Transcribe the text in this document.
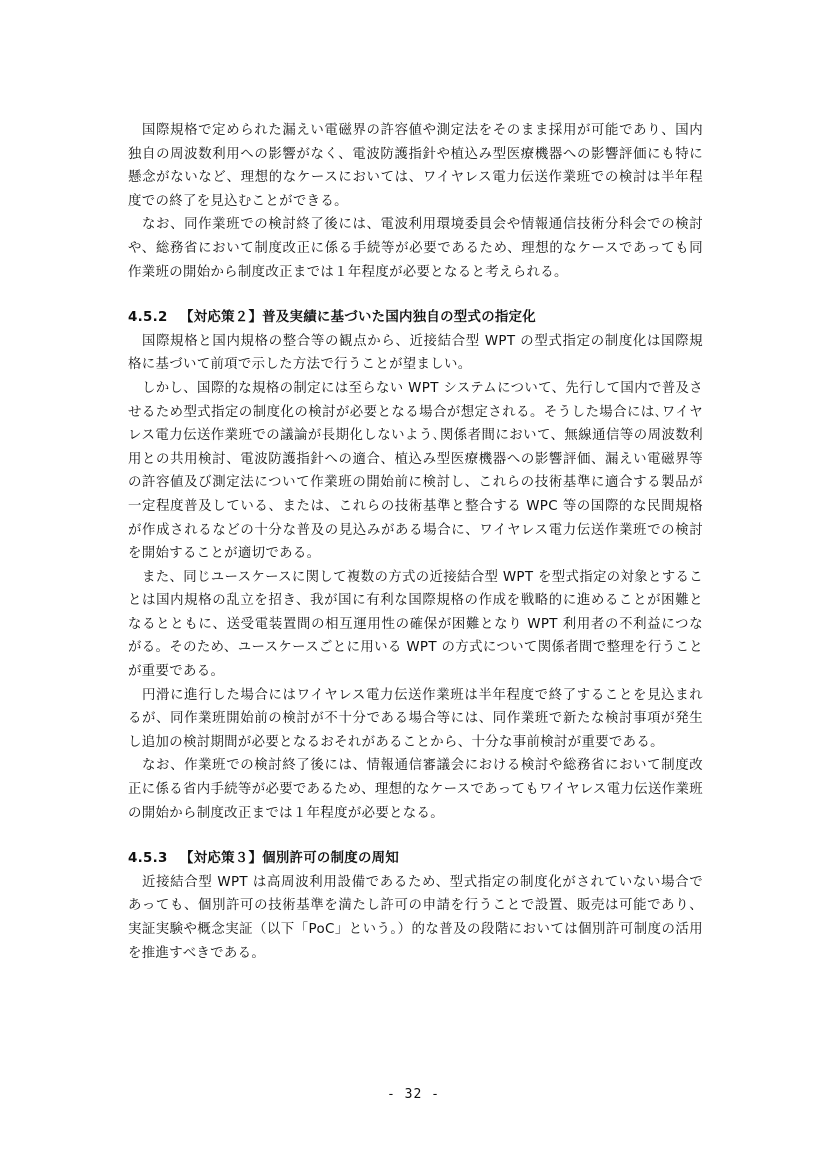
国際規格で定められた漏えい電磁界の許容値や測定法をそのまま採用が可能であり、国内独自の周波数利用への影響がなく、電波防護指針や植込み型医療機器への影響評価にも特に懸念がないなど、理想的なケースにおいては、ワイヤレス電力伝送作業班での検討は半年程度での終了を見込むことができる。

なお、同作業班での検討終了後には、電波利用環境委員会や情報通信技術分科会での検討や、総務省において制度改正に係る手続等が必要であるため、理想的なケースであっても同作業班の開始から制度改正までは１年程度が必要となると考えられる。

4.5.2 【対応策２】普及実績に基づいた国内独自の型式の指定化

国際規格と国内規格の整合等の観点から、近接結合型 WPT の型式指定の制度化は国際規格に基づいて前項で示した方法で行うことが望ましい。

しかし、国際的な規格の制定には至らない WPT システムについて、先行して国内で普及させるため型式指定の制度化の検討が必要となる場合が想定される。そうした場合には､ワイヤレス電力伝送作業班での議論が長期化しないよう､関係者間において、無線通信等の周波数利用との共用検討、電波防護指針への適合、植込み型医療機器への影響評価、漏えい電磁界等の許容値及び測定法について作業班の開始前に検討し、これらの技術基準に適合する製品が一定程度普及している、または、これらの技術基準と整合する WPC 等の国際的な民間規格が作成されるなどの十分な普及の見込みがある場合に、ワイヤレス電力伝送作業班での検討を開始することが適切である。

また、同じユースケースに関して複数の方式の近接結合型 WPT を型式指定の対象とすることは国内規格の乱立を招き、我が国に有利な国際規格の作成を戦略的に進めることが困難となるとともに、送受電装置間の相互運用性の確保が困難となり WPT 利用者の不利益につながる。そのため、ユースケースごとに用いる WPT の方式について関係者間で整理を行うことが重要である。

円滑に進行した場合にはワイヤレス電力伝送作業班は半年程度で終了することを見込まれるが、同作業班開始前の検討が不十分である場合等には、同作業班で新たな検討事項が発生し追加の検討期間が必要となるおそれがあることから、十分な事前検討が重要である。

なお、作業班での検討終了後には、情報通信審議会における検討や総務省において制度改正に係る省内手続等が必要であるため、理想的なケースであってもワイヤレス電力伝送作業班の開始から制度改正までは１年程度が必要となる。

4.5.3 【対応策３】個別許可の制度の周知

近接結合型 WPT は高周波利用設備であるため、型式指定の制度化がされていない場合であっても、個別許可の技術基準を満たし許可の申請を行うことで設置、販売は可能であり、実証実験や概念実証（以下「PoC」という。）的な普及の段階においては個別許可制度の活用を推進すべきである。

- 32 -
